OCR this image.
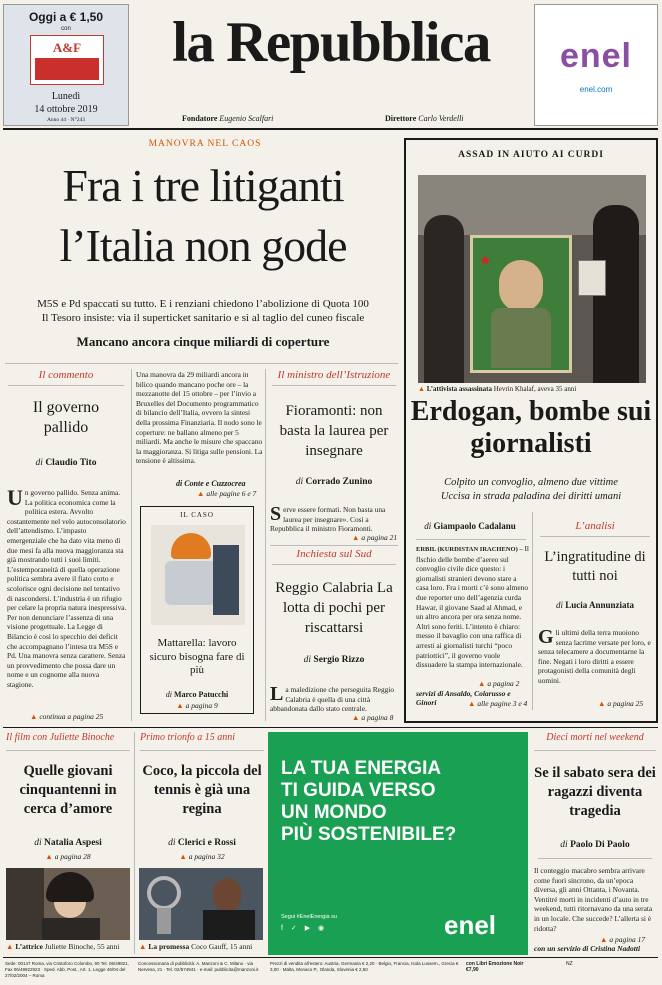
Oggi a € 1,50
con
A&F
Lunedì
14 ottobre 2019
Anno 44 · N°243
la Repubblica
Fondatore Eugenio Scalfari	Direttore Carlo Verdelli
enel
enel.com
MANOVRA NEL CAOS
Fra i tre litiganti
l’Italia non gode
M5S e Pd spaccati su tutto. E i renziani chiedono l’abolizione di Quota 100
Il Tesoro insiste: via il superticket sanitario e sì al taglio del cuneo fiscale
Mancano ancora cinque miliardi di coperture
Il commento
Il governo pallido
di Claudio Tito
U n governo pallido. Senza anima. La politica economica come la politica estera. Avvolto costantemente nel velo autoconsolatorio dell’attendismo. L’impasto emergenziale che ha dato vita meno di due mesi fa alla nuova maggioranza sta già mostrando tutti i suoi limiti. L’estemporaneità di quella operazione politica sembra avere il fiato corto e scolorisce ogni decisione nel tentativo di nascondersi. L’industria è un rifugio per celare la propria natura inespressiva. Per non denunciare l’assenza di una visione progettuale. La Legge di Bilancio è così lo specchio dei deficit che accompagnano l’intesa tra M5S e Pd. Una manovra senza carattere. Senza un provvedimento che possa dare un nome e un cognome alla nuova stagione.
▲ continua a pagina 25
Una manovra da 29 miliardi ancora in bilico quando mancano poche ore – la mezzanotte del 15 ottobre – per l’invio a Bruxelles del Documento programmatico di bilancio dell’Italia, ovvero la sintesi della prossima Finanziaria. Il nodo sono le coperture: ne ballano almeno per 5 miliardi. Ma anche le misure che spaccano la maggioranza. Si litiga sulle pensioni. La tensione è altissima.
di Conte e Cuzzocrea
▲ alle pagine 6 e 7
IL CASO
Mattarella: lavoro sicuro bisogna fare di più
di Marco Patucchi
▲ a pagina 9
Il ministro dell’Istruzione
Fioramonti: non basta la laurea per insegnare
di Corrado Zunino
S erve essere formati. Non basta una laurea per insegnare». Così a Repubblica il ministro Fioramonti.
▲ a pagina 21
Inchiesta sul Sud
Reggio Calabria La lotta di pochi per riscattarsi
di Sergio Rizzo
L a maledizione che perseguita Reggio Calabria è quella di una città abbandonata dallo stato centrale.
▲ a pagina 8
ASSAD IN AIUTO AI CURDI
★
▲ L’attivista assassinata Hevrin Khalaf, aveva 35 anni
Erdogan, bombe sui giornalisti
Colpito un convoglio, almeno due vittime
Uccisa in strada paladina dei diritti umani
di Giampaolo Cadalanu
ERBIL (KURDISTAN IRACHENO) – Il flschio delle bombe d’aereo sul convoglio civile dice questo: i giornalisti stranieri devono stare a casa loro. Fra i morti c’è sono almeno due reporter uno dell’agenzia curda Hawar, il giovane Saad al Ahmad, e un altro ancora per ora senza nome. Altri sono feriti. L’intento è chiaro: messo il bavaglio con una raffica di arresti ai giornalisti turchi “poco patriottici”, il governo vuole dissuadere la stampa internazionale.
▲ a pagina 2
servizi di Ansaldo, Colarusso e Ginori	▲ alle pagine 3 e 4
L’analisi
L’ingratitudine di tutti noi
di Lucia Annunziata
G li ultimi della terra muoiono senza lacrime versate per loro, e senza telecamere a documentarne la fine. Negati i loro diritti a essere protagonisti della comunità degli uomini.
▲ a pagina 25
Il film con Juliette Binoche
Quelle giovani cinquantenni in cerca d’amore
di Natalia Aspesi
▲ a pagina 28
▲ L’attrice Juliette Binoche, 55 anni
Primo trionfo a 15 anni
Coco, la piccola del tennis è già una regina
di Clerici e Rossi
▲ a pagina 32
▲ La promessa Coco Gauff, 15 anni
LA TUA ENERGIA
TI GUIDA VERSO
UN MONDO
PIÙ SOSTENIBILE?
Segui #EnelEnergia su
f ✓ ▶ ◉	enel
Dieci morti nel weekend
Se il sabato sera dei ragazzi diventa tragedia
di Paolo Di Paolo
Il conteggio macabro sembra arrivare come fuori sincrono, da un’epoca diversa, gli anni Ottanta, i Novanta. Ventitré morti in incidenti d’auto in tre weekend, tutti ritornavano da una serata in un locale. Che succede? L’allerta si è ridotta?
▲ a pagina 17
con un servizio di Cristina Nadotti
Sede: 00147 Roma, via Cristoforo Colombo, 90 Tel. 06/49821, Fax 06/49822923 · Sped. Abb. Post., Art. 1, Legge 46/04 del 27/02/2004 – Roma
Concessionaria di pubblicità: A. Manzoni & C. Milano · via Nervesa, 21 · Tel. 02/574941 · e-mail: pubblicita@manzoni.it
Prezzi di vendita all’estero: Austria, Germania € 2,20 · Belgio, Francia, Isola Lussem., Grecia € 3,00 · Malta, Monaco P., Olanda, Slovenia € 2,50
con Libri Emozione Noir €7,90
NZ
